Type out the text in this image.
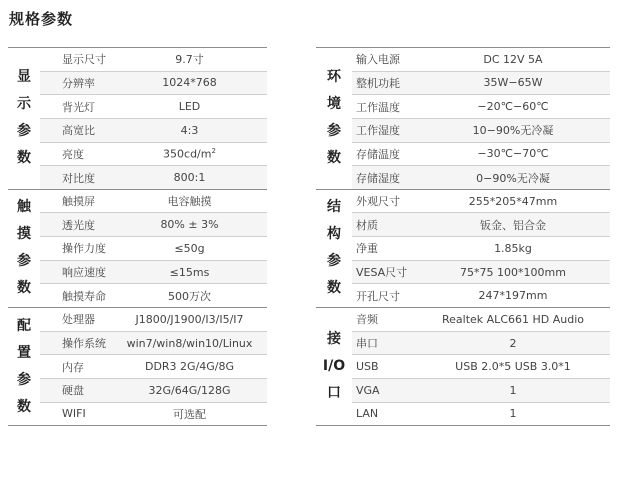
规格参数
显
示
参
数
显示尺寸	9.7寸
分辨率	1024*768
背光灯	LED
高宽比	4:3
亮度	$350cd/m^2$
对比度	800:1
触
摸
参
数
触摸屏	电容触摸
透光度	80% ± 3%
操作力度	≤50g
响应速度	≤15ms
触摸寿命	500万次
配
置
参
数
处理器	J1800/J1900/I3/I5/I7
操作系统	win7/win8/win10/Linux
内存	DDR3 2G/4G/8G
硬盘	32G/64G/128G
WIFI	可选配
环
境
参
数
输入电源	DC 12V 5A
整机功耗	35W−65W
工作温度	−20℃−60℃
工作湿度	10−90%无冷凝
存储温度	−30℃−70℃
存储湿度	0−90%无冷凝
结
构
参
数
外观尺寸	255*205*47mm
材质	钣金、铝合金
净重	1.85kg
VESA尺寸	75*75 100*100mm
开孔尺寸	247*197mm
接
I/O
口
音频	Realtek ALC661 HD Audio
串口	2
USB	USB 2.0*5 USB 3.0*1
VGA	1
LAN	1
